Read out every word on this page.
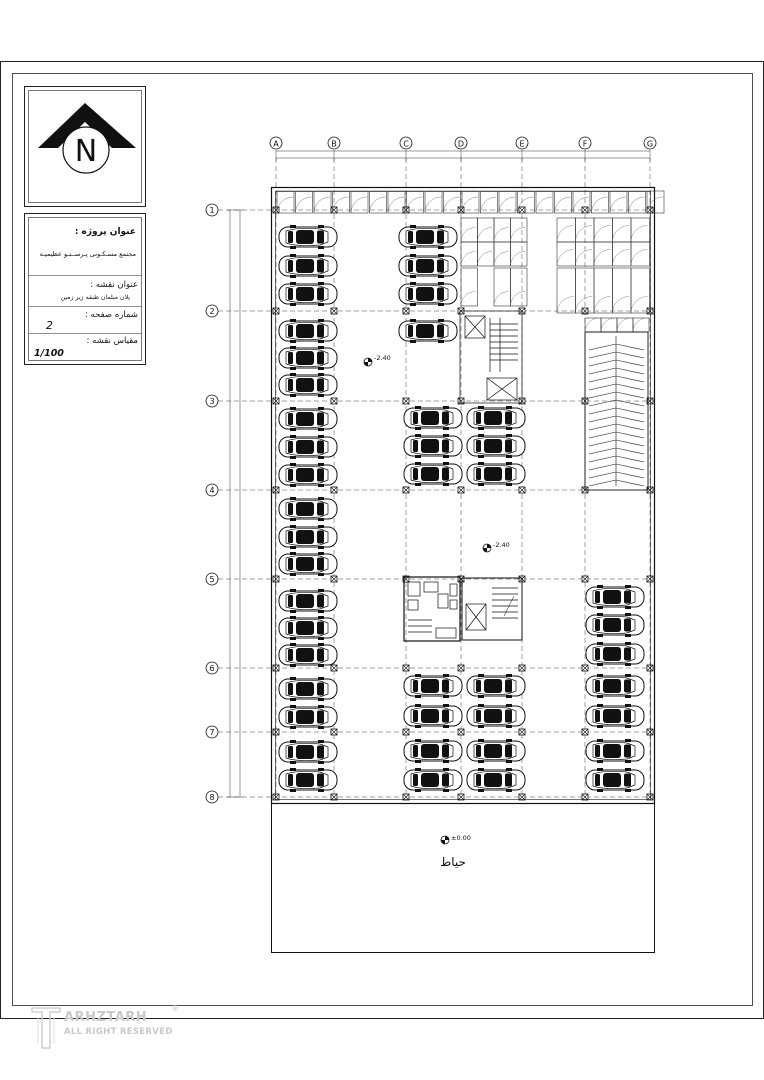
N
عنوان پروژه :
مجتمع مسـکـونی پـرســتـو عظیمیـه
عنوان نقشه :
پلان مبلمان طبقه زیر زمین
شماره صفحه :
2
مقیاس نقشه :
1/100
A	B	C	D	E	F	G
1
2
3
4
5
6
7
8
-2.40
-2.40
±0.00
حیاط
ARHZTARH
ALL RIGHT RESERVED
®
